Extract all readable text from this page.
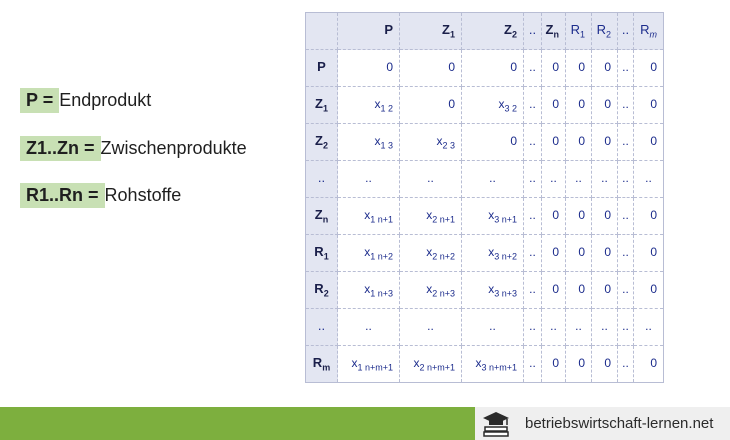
P = Endprodukt
Z1..Zn = Zwischenprodukte
R1..Rn = Rohstoffe
	P	$Z_1$	$Z_2$	..	$Z_n$	$R_1$	$R_2$	..	$R_m$
P	0	0	0	..	0	0	0	..	0
$Z_1$	$x_{1 2}$	0	$x_{3 2}$	..	0	0	0	..	0
$Z_2$	$x_{1 3}$	$x_{2 3}$	0	..	0	0	0	..	0
..	..	..	..	..	..	..	..	..	..
$Z_n$	$x_{1 n+1}$	$x_{2 n+1}$	$x_{3 n+1}$	..	0	0	0	..	0
$R_1$	$x_{1 n+2}$	$x_{2 n+2}$	$x_{3 n+2}$	..	0	0	0	..	0
$R_2$	$x_{1 n+3}$	$x_{2 n+3}$	$x_{3 n+3}$	..	0	0	0	..	0
..	..	..	..	..	..	..	..	..	..
$R_m$	$x_{1 n+m+1}$	$x_{2 n+m+1}$	$x_{3 n+m+1}$	..	0	0	0	..	0
betriebswirtschaft-lernen.net
